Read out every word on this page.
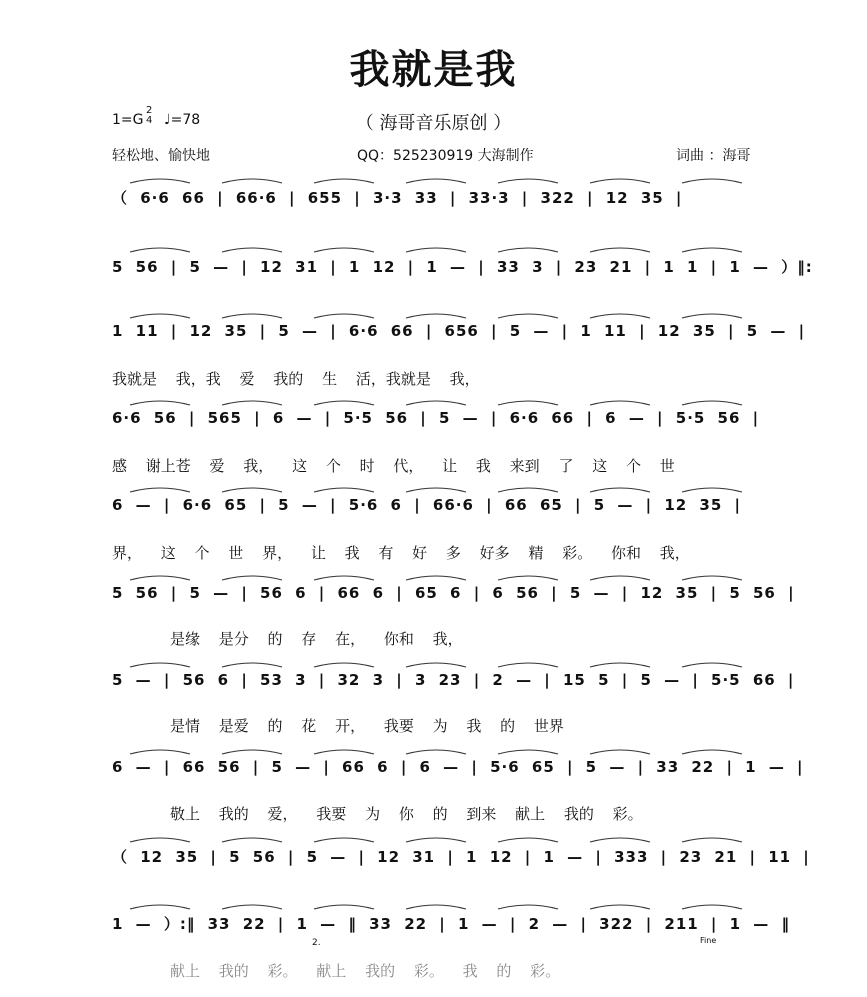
我就是我
（ 海哥音乐原创 ）
1=G
2
4 ♩=78
轻松地、愉快地	QQ：525230919 大海制作	词曲 ：海哥
（ 6·6 66 | 66·6 | 655 | 3·3 33 | 33·3 | 322 | 12 35 |
5 56 | 5 — | 12 31 | 1 12 | 1 — | 33 3 | 23 21 | 1 1 | 1 — ）‖:
1 11 | 12 35 | 5 — | 6·6 66 | 656 | 5 — | 1 11 | 12 35 | 5 — |
我就是 我，我 爱 我的 生 活，我就是 我，
6·6 56 | 565 | 6 — | 5·5 56 | 5 — | 6·6 66 | 6 — | 5·5 56 |
感 谢上苍 爱 我， 这 个 时 代， 让 我 来到 了 这 个 世
6 — | 6·6 65 | 5 — | 5·6 6 | 66·6 | 66 65 | 5 — | 12 35 |
界， 这 个 世 界， 让 我 有 好 多 好多 精 彩。 你和 我，
5 56 | 5 — | 56 6 | 66 6 | 65 6 | 6 56 | 5 — | 12 35 | 5 56 |
是缘 是分 的 存 在， 你和 我，
5 — | 56 6 | 53 3 | 32 3 | 3 23 | 2 — | 15 5 | 5 — | 5·5 66 |
是情 是爱 的 花 开， 我要 为 我 的 世界
6 — | 66 56 | 5 — | 66 6 | 6 — | 5·6 65 | 5 — | 33 22 | 1 — |
敬上 我的 爱， 我要 为 你 的 到来 献上 我的 彩。
（ 12 35 | 5 56 | 5 — | 12 31 | 1 12 | 1 — | 333 | 23 21 | 11 |
1 — ）:‖ 33 22 | 1 — ‖ 33 22 | 1 — | 2 — | 322 | 211 | 1 — ‖
献上 我的 彩。 献上 我的 彩。 我 的 彩。
2.	Fine
